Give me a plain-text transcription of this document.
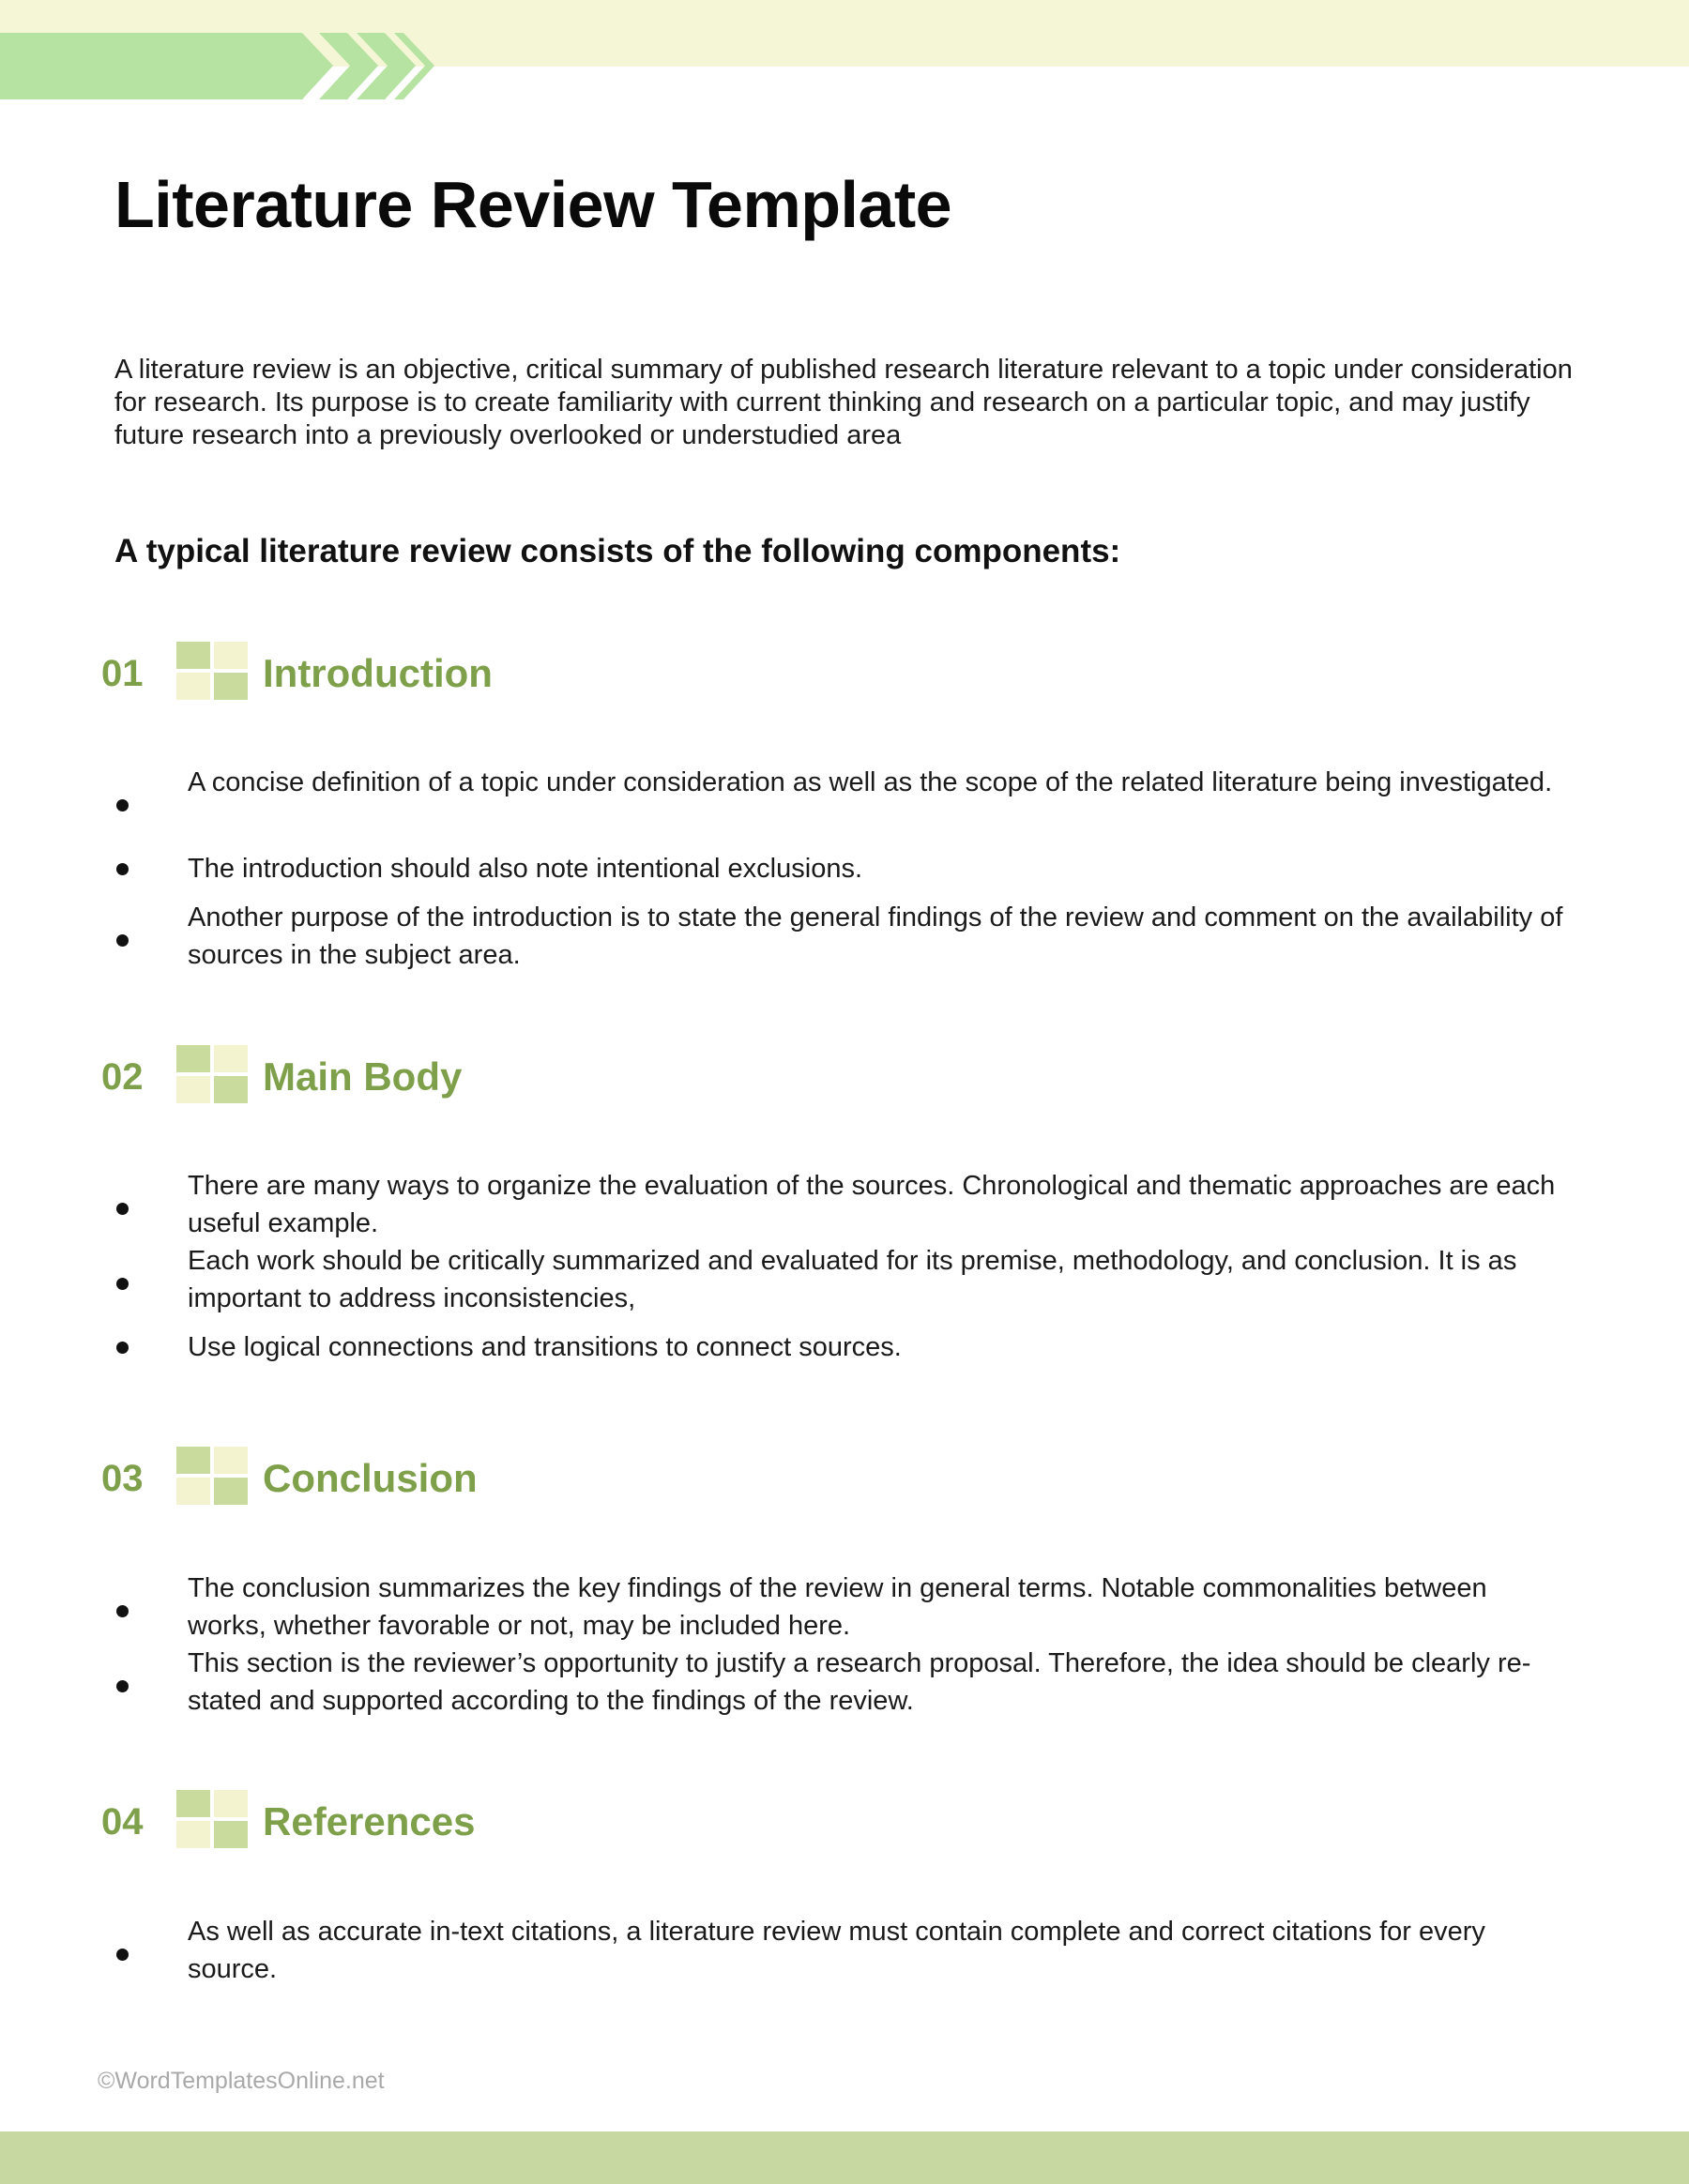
Literature Review Template
A literature review is an objective, critical summary of published research literature relevant to a topic under consideration for research. Its purpose is to create familiarity with current thinking and research on a particular topic, and may justify future research into a previously overlooked or understudied area
A typical literature review consists of the following components:
01	Introduction
A concise definition of a topic under consideration as well as the scope of the related literature being investigated.
The introduction should also note intentional exclusions.
Another purpose of the introduction is to state the general findings of the review and comment on the availability of sources in the subject area.
02	Main Body
There are many ways to organize the evaluation of the sources. Chronological and thematic approaches are each useful example.
Each work should be critically summarized and evaluated for its premise, methodology, and conclusion. It is as important to address inconsistencies,
Use logical connections and transitions to connect sources.
03	Conclusion
The conclusion summarizes the key findings of the review in general terms. Notable commonalities between works, whether favorable or not, may be included here.
This section is the reviewer’s opportunity to justify a research proposal. Therefore, the idea should be clearly re-stated and supported according to the findings of the review.
04	References
As well as accurate in-text citations, a literature review must contain complete and correct citations for every source.
©WordTemplatesOnline.net
